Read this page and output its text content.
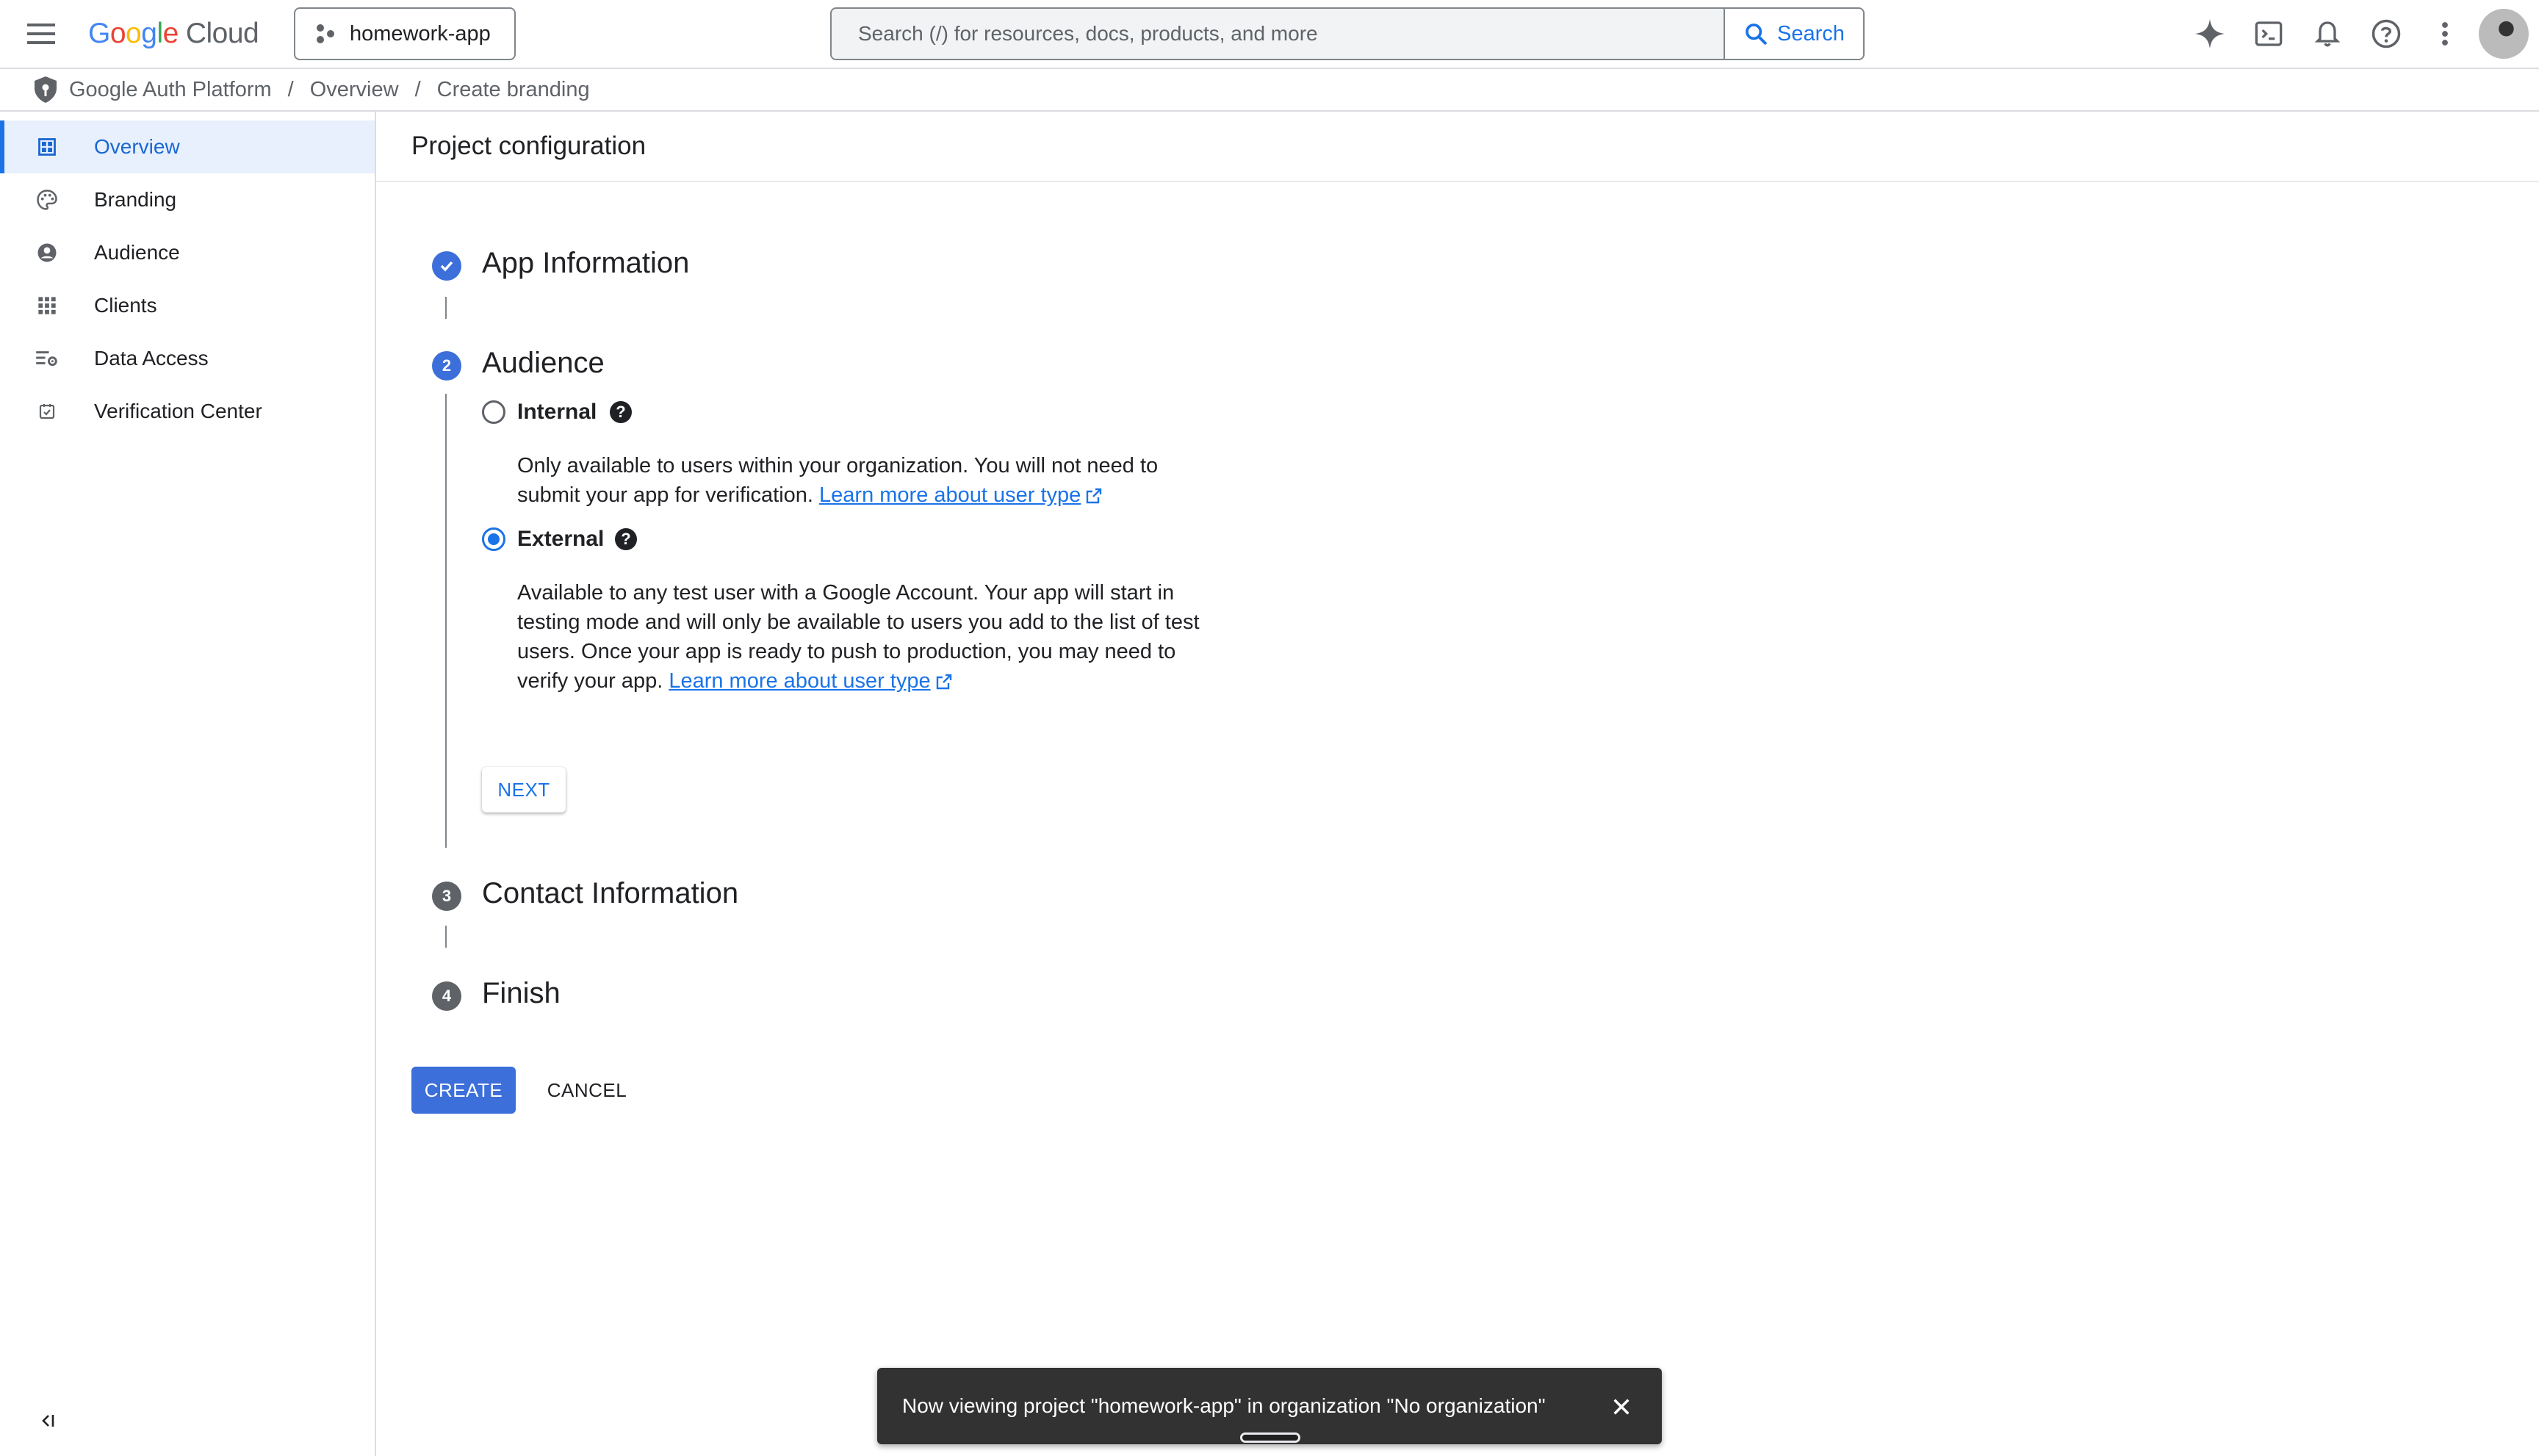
G o o g l e Cloud	homework-app	Search (/) for resources, docs, products, and more	Search
Google Auth Platform / Overview / Create branding
Overview
Branding
Audience
Clients
Data Access
Verification Center
Project configuration
App Information
2	Audience
Internal	?
Only available to users within your organization. You will not need to submit your app for verification. Learn more about user type
External	?
Available to any test user with a Google Account. Your app will start in testing mode and will only be available to users you add to the list of test users. Once your app is ready to push to production, you may need to verify your app. Learn more about user type
NEXT
3	Contact Information
4	Finish
CREATE	CANCEL
Now viewing project "homework-app" in organization "No organization"
